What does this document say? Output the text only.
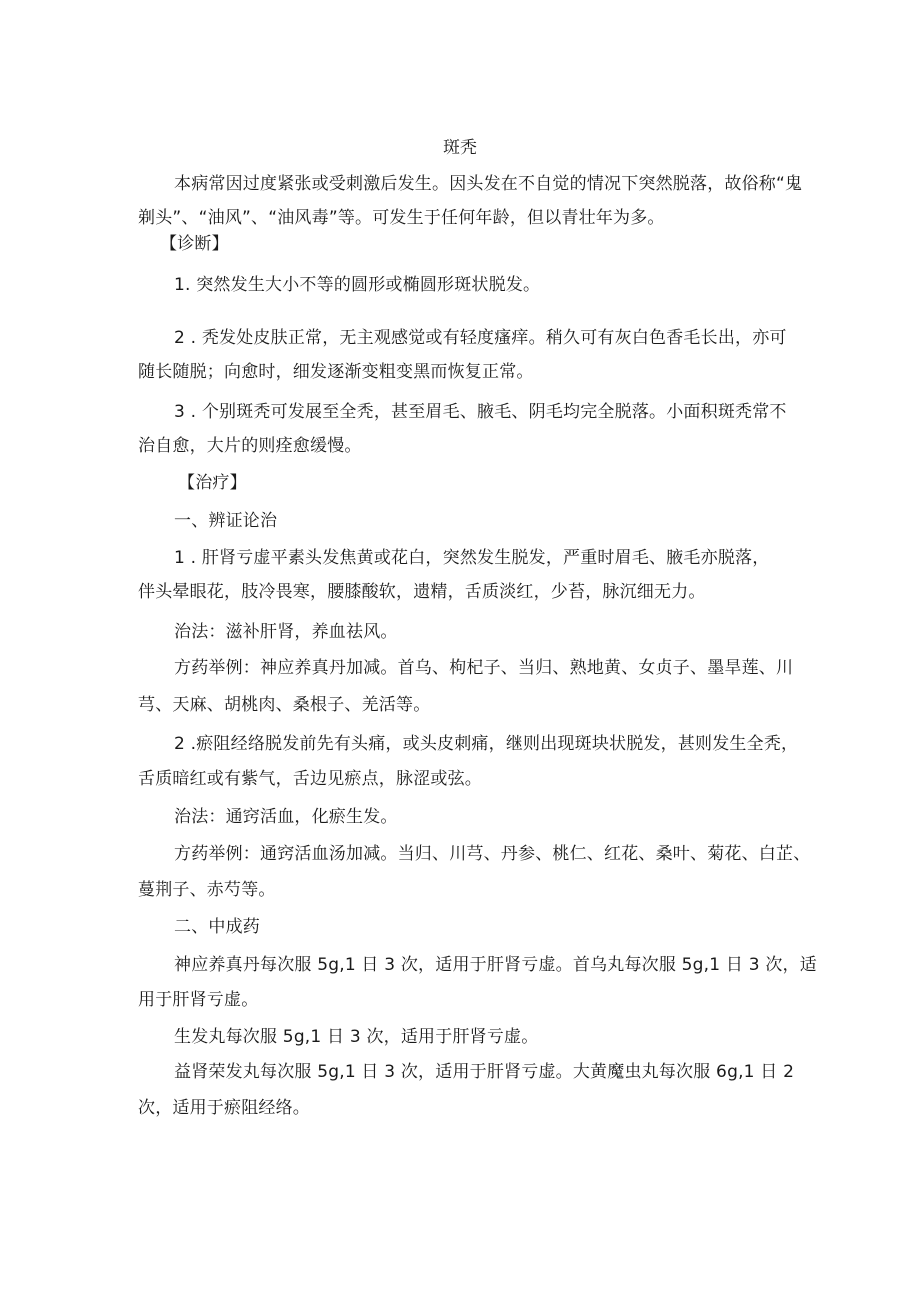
斑秃
本病常因过度紧张或受刺激后发生。因头发在不自觉的情况下突然脱落，故俗称“鬼
剃头”、“油风”、“油风毒”等。可发生于任何年龄，但以青壮年为多。
【诊断】
1. 突然发生大小不等的圆形或椭圆形斑状脱发。
2 . 秃发处皮肤正常，无主观感觉或有轻度瘙痒。稍久可有灰白色香毛长出，亦可
随长随脱；向愈时，细发逐渐变粗变黑而恢复正常。
3 . 个别斑秃可发展至全秃，甚至眉毛、腋毛、阴毛均完全脱落。小面积斑秃常不
治自愈，大片的则痊愈缓慢。
【治疗】
一、辨证论治
1 . 肝肾亏虚平素头发焦黄或花白，突然发生脱发，严重时眉毛、腋毛亦脱落，
伴头晕眼花，肢冷畏寒，腰膝酸软，遗精，舌质淡红，少苔，脉沉细无力。
治法：滋补肝肾，养血祛风。
方药举例：神应养真丹加减。首乌、枸杞子、当归、熟地黄、女贞子、墨旱莲、川
芎、天麻、胡桃肉、桑根子、羌活等。
2 .瘀阻经络脱发前先有头痛，或头皮刺痛，继则出现斑块状脱发，甚则发生全秃，
舌质暗红或有紫气，舌边见瘀点，脉涩或弦。
治法：通窍活血，化瘀生发。
方药举例：通窍活血汤加减。当归、川芎、丹参、桃仁、红花、桑叶、菊花、白芷、
蔓荆子、赤芍等。
二、中成药
神应养真丹每次服 5g,1 日 3 次，适用于肝肾亏虚。首乌丸每次服 5g,1 日 3 次，适
用于肝肾亏虚。
生发丸每次服 5g,1 日 3 次，适用于肝肾亏虚。
益肾荣发丸每次服 5g,1 日 3 次，适用于肝肾亏虚。大黄魔虫丸每次服 6g,1 日 2
次，适用于瘀阻经络。
